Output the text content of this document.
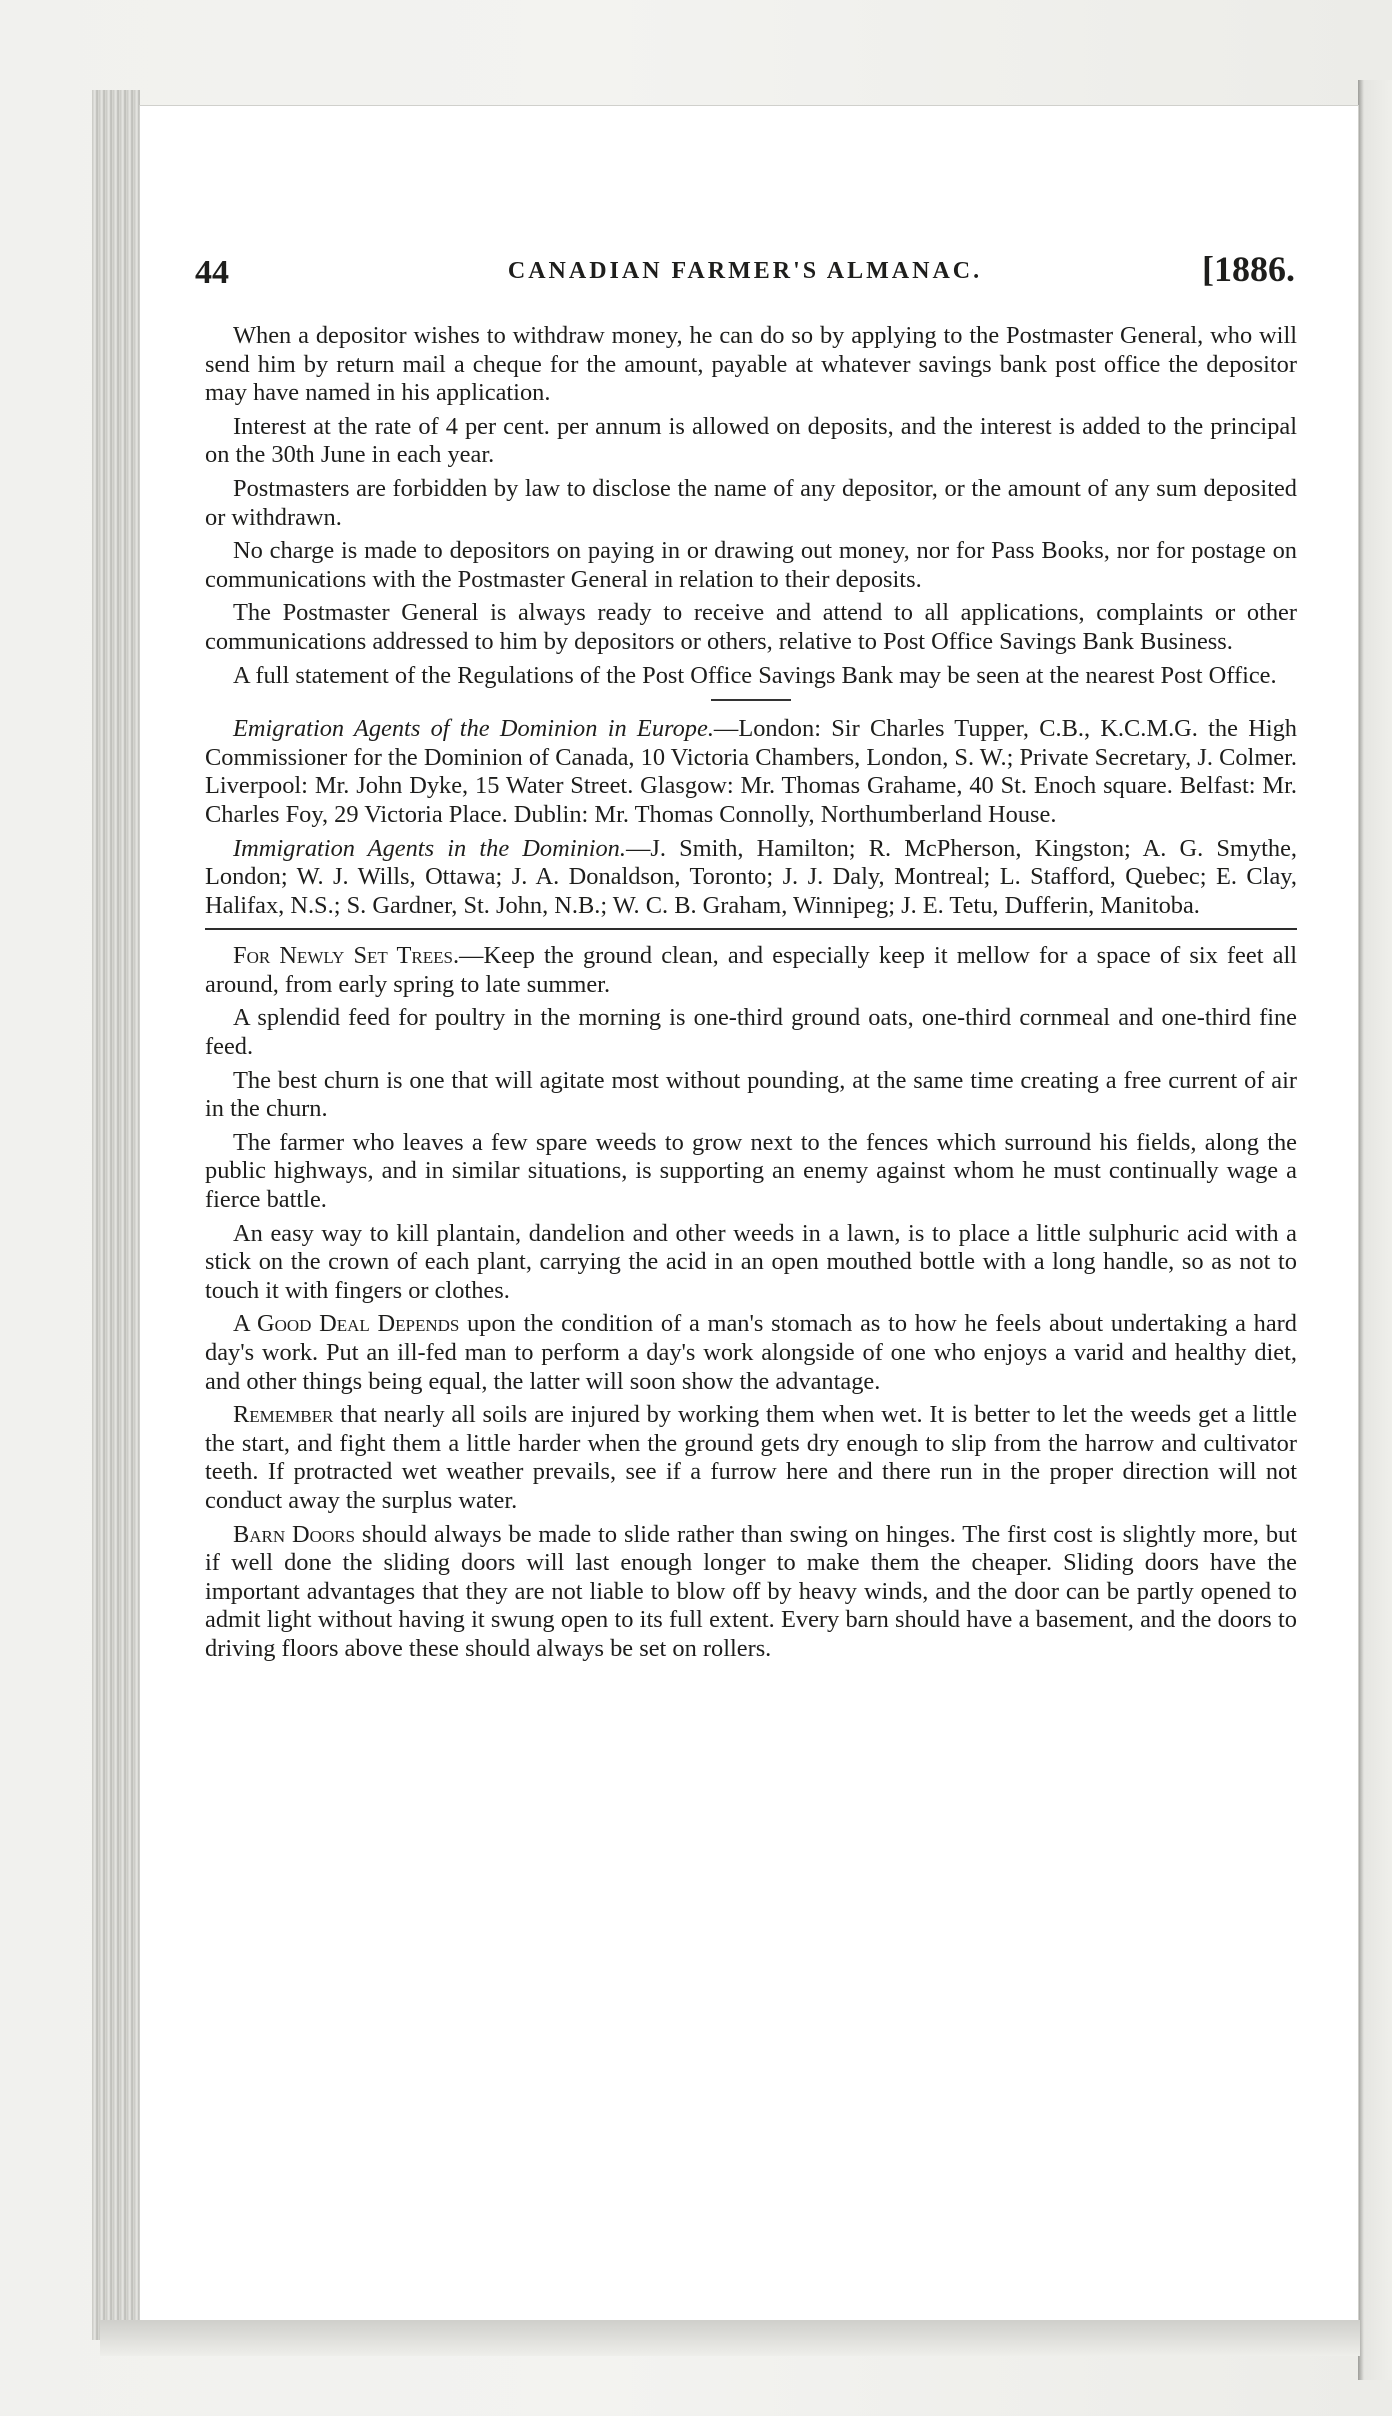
44	CANADIAN FARMER'S ALMANAC.	[1886.

When a depositor wishes to withdraw money, he can do so by applying to the Postmaster General, who will send him by return mail a cheque for the amount, payable at whatever savings bank post office the depositor may have named in his application.

Interest at the rate of 4 per cent. per annum is allowed on deposits, and the interest is added to the principal on the 30th June in each year.

Postmasters are forbidden by law to disclose the name of any depositor, or the amount of any sum deposited or withdrawn.

No charge is made to depositors on paying in or drawing out money, nor for Pass Books, nor for postage on communications with the Postmaster General in relation to their deposits.

The Postmaster General is always ready to receive and attend to all applications, complaints or other communications addressed to him by depositors or others, relative to Post Office Savings Bank Business.

A full statement of the Regulations of the Post Office Savings Bank may be seen at the nearest Post Office.

Emigration Agents of the Dominion in Europe.—London: Sir Charles Tupper, C.B., K.C.M.G. the High Commissioner for the Dominion of Canada, 10 Victoria Chambers, London, S. W.; Private Secretary, J. Colmer. Liverpool: Mr. John Dyke, 15 Water Street. Glasgow: Mr. Thomas Grahame, 40 St. Enoch square. Belfast: Mr. Charles Foy, 29 Victoria Place. Dublin: Mr. Thomas Connolly, Northumberland House.

Immigration Agents in the Dominion.—J. Smith, Hamilton; R. McPherson, Kingston; A. G. Smythe, London; W. J. Wills, Ottawa; J. A. Donaldson, Toronto; J. J. Daly, Montreal; L. Stafford, Quebec; E. Clay, Halifax, N.S.; S. Gardner, St. John, N.B.; W. C. B. Graham, Winnipeg; J. E. Tetu, Dufferin, Manitoba.

For Newly Set Trees.—Keep the ground clean, and especially keep it mellow for a space of six feet all around, from early spring to late summer.

A splendid feed for poultry in the morning is one-third ground oats, one-third cornmeal and one-third fine feed.

The best churn is one that will agitate most without pounding, at the same time creating a free current of air in the churn.

The farmer who leaves a few spare weeds to grow next to the fences which surround his fields, along the public highways, and in similar situations, is supporting an enemy against whom he must continually wage a fierce battle.

An easy way to kill plantain, dandelion and other weeds in a lawn, is to place a little sulphuric acid with a stick on the crown of each plant, carrying the acid in an open mouthed bottle with a long handle, so as not to touch it with fingers or clothes.

A Good Deal Depends upon the condition of a man's stomach as to how he feels about undertaking a hard day's work. Put an ill-fed man to perform a day's work alongside of one who enjoys a varid and healthy diet, and other things being equal, the latter will soon show the advantage.

Remember that nearly all soils are injured by working them when wet. It is better to let the weeds get a little the start, and fight them a little harder when the ground gets dry enough to slip from the harrow and cultivator teeth. If protracted wet weather prevails, see if a furrow here and there run in the proper direction will not conduct away the surplus water.

Barn Doors should always be made to slide rather than swing on hinges. The first cost is slightly more, but if well done the sliding doors will last enough longer to make them the cheaper. Sliding doors have the important advantages that they are not liable to blow off by heavy winds, and the door can be partly opened to admit light without having it swung open to its full extent. Every barn should have a basement, and the doors to driving floors above these should always be set on rollers.
